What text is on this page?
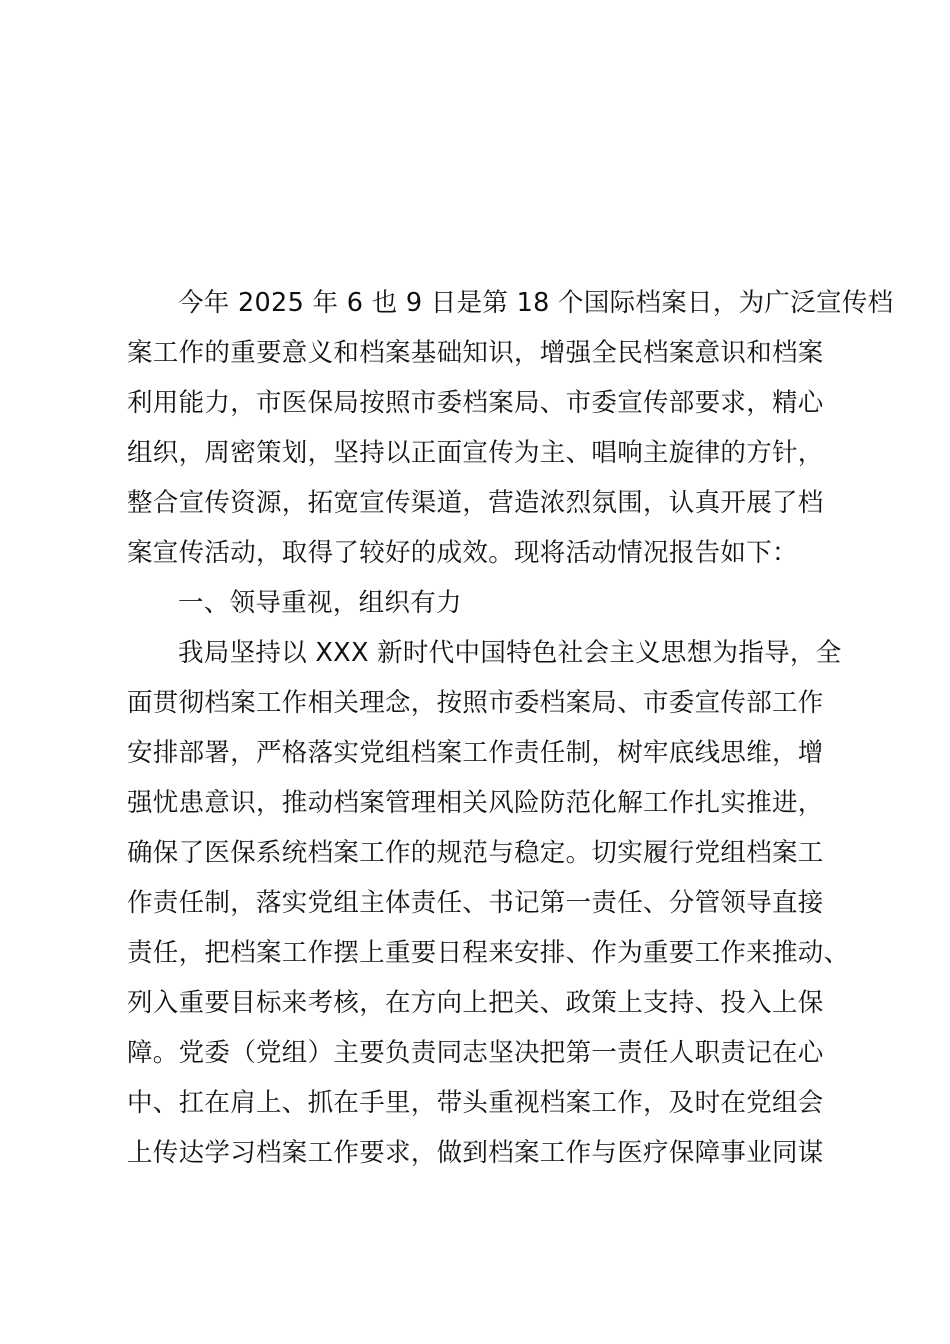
今年 2025 年 6 也 9 日是第 18 个国际档案日，为广泛宣传档
案工作的重要意义和档案基础知识，增强全民档案意识和档案
利用能力，市医保局按照市委档案局、市委宣传部要求，精心
组织，周密策划，坚持以正面宣传为主、唱响主旋律的方针，
整合宣传资源，拓宽宣传渠道，营造浓烈氛围，认真开展了档
案宣传活动，取得了较好的成效。现将活动情况报告如下：
一、领导重视，组织有力
我局坚持以 XXX 新时代中国特色社会主义思想为指导，全
面贯彻档案工作相关理念，按照市委档案局、市委宣传部工作
安排部署，严格落实党组档案工作责任制，树牢底线思维，增
强忧患意识，推动档案管理相关风险防范化解工作扎实推进，
确保了医保系统档案工作的规范与稳定。切实履行党组档案工
作责任制，落实党组主体责任、书记第一责任、分管领导直接
责任，把档案工作摆上重要日程来安排、作为重要工作来推动、
列入重要目标来考核，在方向上把关、政策上支持、投入上保
障。党委（党组）主要负责同志坚决把第一责任人职责记在心
中、扛在肩上、抓在手里，带头重视档案工作，及时在党组会
上传达学习档案工作要求，做到档案工作与医疗保障事业同谋
